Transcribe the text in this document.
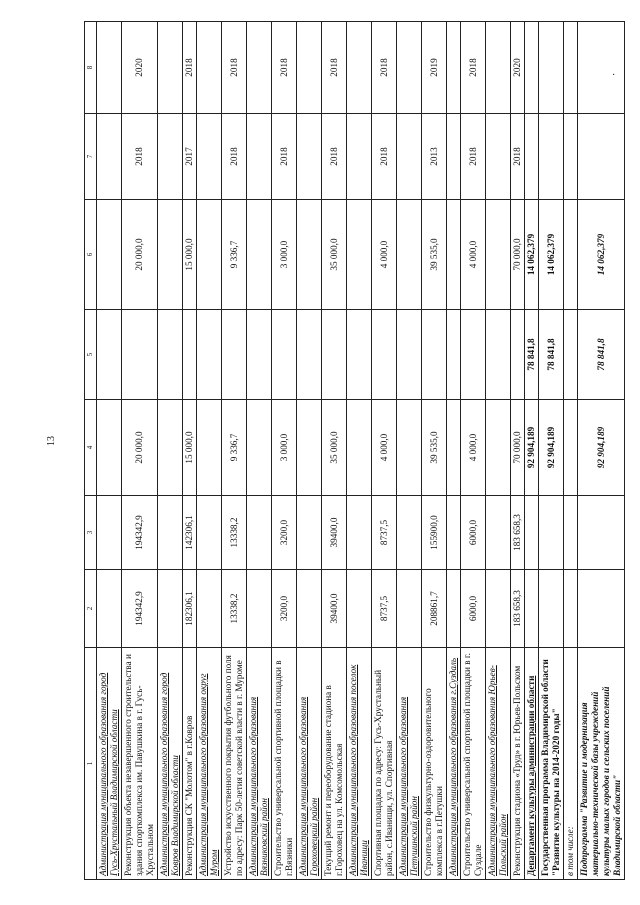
13
·
1	2	3	4	5	6	7	8
Администрация муниципального образования город Гусь-Хрустальный Владимирской области							
Реконструкция объекта незавершенного строительства и здания спорткомплекса им. Павушкина в г. Гусь-Хрустальном	194342,9	194342,9	20 000,0		20 000,0	2018	2020
Администрация муниципального образования город Ковров Владимирской области							
Реконструкция СК "Молотом" в г.Ковров	182306,1	142306,1	15 000,0		15 000,0	2017	2018
Администрация муниципального образования округ Муром							
Устройство искусственного покрытия футбольного поля по адресу: Парк 50-летия советской власти в г. Муроме	13338,2	13338,2	9 336,7		9 336,7	2018	2018
Администрация муниципального образования Вязниковский район							
Строительство универсальной спортивной площадки в г.Вязники	3200,0	3200,0	3 000,0		3 000,0	2018	2018
Администрация муниципального образования Гороховецкий район							
Текущий ремонт и переоборудование стадиона в г.Гороховец на ул. Комсомольская	39400,0	39400,0	35 000,0		35 000,0	2018	2018
Администрация муниципального образования поселок Иванищи							
Спортивная площадка по адресу: Гусь-Хрустальный район, с.Иванищи, ул. Спортивная	8737,5	8737,5	4 000,0		4 000,0	2018	2018
Администрация муниципального образования Петушинский район							
Строительство физкультурно-оздоровительного комплекса в г.Петушки	208861,7	155900,0	39 535,0		39 535,0	2013	2019
Администрация муниципального образования г.Суздаль							
Строительство универсальной спортивной площадки в г. Суздале	6000,0	6000,0	4 000,0		4 000,0	2018	2018
Администрация муниципального образования Юрьев-Польский район							
Реконструкция стадиона «Труд» в г. Юрьев-Польском	183 658,3	183 658,3	70 000,0		70 000,0	2018	2020
Департамент культуры администрации области			92 904,189	78 841,8	14 062,379		
Государственная программа Владимирской области "Развитие культуры на 2014-2020 годы"			92 904,189	78 841,8	14 062,379		
в том числе:							
Подпрограмма "Развитие и модернизация материально-технической базы учреждений культуры малых городов и сельских поселений Владимирской области"			92 904,189	78 841,8	14 062,379		
